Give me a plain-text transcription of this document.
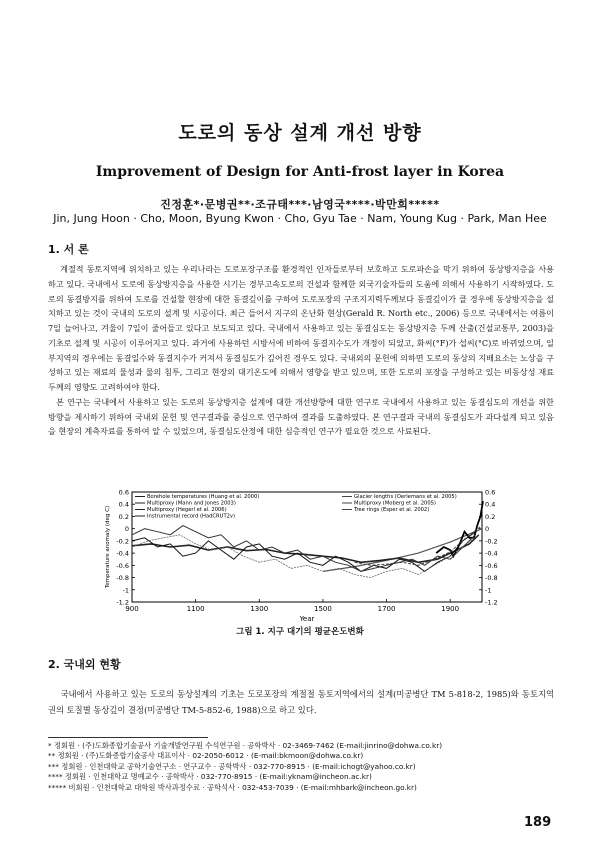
도로의 동상 설계 개선 방향
Improvement of Design for Anti-frost layer in Korea
진정훈*·문병권**·조규태***·남영국****·박만희*****
Jin, Jung Hoon · Cho, Moon, Byung Kwon · Cho, Gyu Tae · Nam, Young Kug · Park, Man Hee
1. 서 론

계절적 동토지역에 위치하고 있는 우리나라는 도로포장구조를 환경적인 인자들로부터 보호하고 도로파손을 막기 위하여 동상방지층을 사용하고 있다. 국내에서 도로에 동상방지층을 사용한 시기는 경부고속도로의 건설과 함께한 외국기술자들의 도움에 의해서 사용하기 시작하였다. 도로의 동결방지를 위하여 도로를 건설할 현장에 대한 동결깊이를 구하여 도로포장의 구조지지력두께보다 동결깊이가 클 경우에 동상방지층을 설치하고 있는 것이 국내의 도로의 설계 및 시공이다. 최근 들어서 지구의 온난화 현상(Gerald R. North etc., 2006) 등으로 국내에서는 여름이 7일 늘어나고, 겨울이 7일이 줄어들고 있다고 보도되고 있다. 국내에서 사용하고 있는 동결심도는 동상방지층 두께 산출(건설교통부, 2003)을 기초로 설계 및 시공이 이루어지고 있다. 과거에 사용하던 시방서에 비하여 동결지수도가 개정이 되었고, 화씨(°F)가 섭씨(°C)로 바뀌었으며, 일부지역의 경우에는 동결일수와 동결지수가 커져서 동결심도가 깊어진 경우도 있다. 국내외의 문헌에 의하면 도로의 동상의 지배요소는 노상을 구성하고 있는 재료의 물성과 물의 침투, 그리고 현장의 대기온도에 의해서 영향을 받고 있으며, 또한 도로의 포장을 구성하고 있는 비동상성 재료 두께의 영향도 고려하여야 한다.

본 연구는 국내에서 사용하고 있는 도로의 동상방지층 설계에 대한 개선방향에 대한 연구로 국내에서 사용하고 있는 동결심도의 개선을 위한 방향을 제시하기 위하여 국내외 문헌 및 연구결과를 중심으로 연구하여 결과를 도출하였다. 본 연구결과 국내의 동결심도가 과다설계 되고 있음을 현장의 계측자료를 통하여 알 수 있었으며, 동결심도산정에 대한 심층적인 연구가 필요한 것으로 사료된다.

0.6	0.6
0.4	0.4
0.2	0.2
0	0
-0.2	-0.2
-0.4	-0.4
-0.6	-0.6
-0.8	-0.8
-1	-1
-1.2	-1.2
900	1100	1300	1500	1700	1900
Year
Temperature anomaly (deg C)
Borehole temperatures (Huang et al. 2000)
Multiproxy (Mann and Jones 2003)
Multiproxy (Hegerl et al. 2006)
Instrumental record (HadCRUT2v)
Glacier lengths (Oerlemans et al. 2005)
Multiproxy (Moberg et al. 2005)
Tree rings (Esper et al. 2002)
그림 1. 지구 대기의 평균온도변화
2. 국내외 현황
국내에서 사용하고 있는 도로의 동상설계의 기초는 도로포장의 계절절 동토지역에서의 설계(미공병단 TM 5-818-2, 1985)와 동토지역권의 토질별 동상깊이 결정(미공병단 TM-5-852-6, 1988)으로 하고 있다.
* 정회원 · (주)도화종합기술공사 기술개발연구원 수석연구원 · 공학박사 · 02-3469-7462 (E-mail:jinrino@dohwa.co.kr)
** 정회원 · (주)도화종합기술공사 대표이사 · 02-2050-6012 · (E-mail:bkmoon@dohwa.co.kr)
*** 정회원 · 인천대학교 공학기술연구소 · 연구교수 · 공학박사 · 032-770-8915 · (E-mail:ichogt@yahoo.co.kr)
**** 정회원 · 인천대학교 명예교수 · 공학박사 · 032-770-8915 · (E-mail:yknam@incheon.ac.kr)
***** 비회원 · 인천대학교 대학원 박사과정수료 · 공학석사 · 032-453-7039 · (E-mail:mhbark@incheon.go.kr)
189
